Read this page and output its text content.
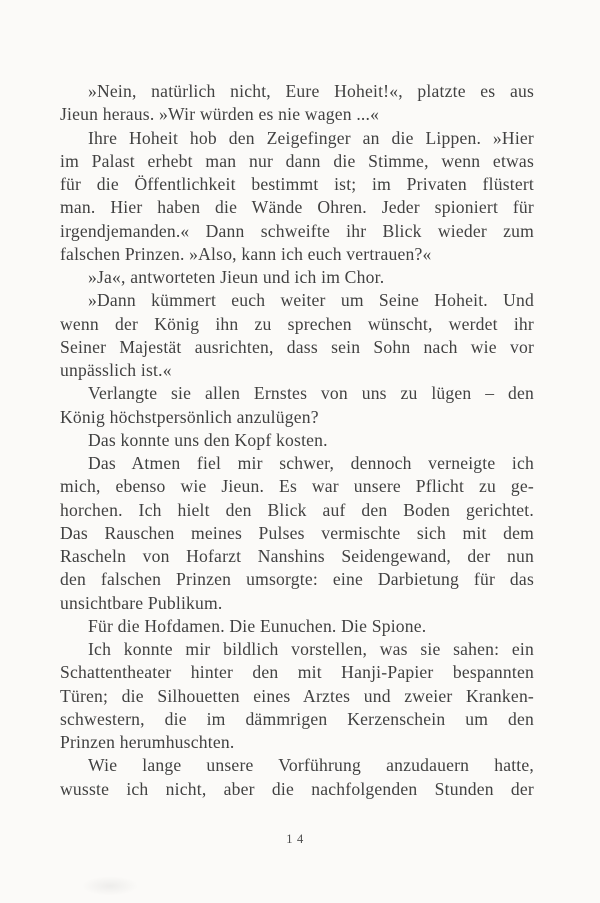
»Nein, natürlich nicht, Eure Hoheit!«, platzte es aus
Jieun heraus. »Wir würden es nie wagen ...«
Ihre Hoheit hob den Zeigefinger an die Lippen. »Hier
im Palast erhebt man nur dann die Stimme, wenn etwas
für die Öffentlichkeit bestimmt ist; im Privaten flüstert
man. Hier haben die Wände Ohren. Jeder spioniert für
irgendjemanden.« Dann schweifte ihr Blick wieder zum
falschen Prinzen. »Also, kann ich euch vertrauen?«
»Ja«, antworteten Jieun und ich im Chor.
»Dann kümmert euch weiter um Seine Hoheit. Und
wenn der König ihn zu sprechen wünscht, werdet ihr
Seiner Majestät ausrichten, dass sein Sohn nach wie vor
unpässlich ist.«
Verlangte sie allen Ernstes von uns zu lügen – den
König höchstpersönlich anzulügen?
Das konnte uns den Kopf kosten.
Das Atmen fiel mir schwer, dennoch verneigte ich
mich, ebenso wie Jieun. Es war unsere Pflicht zu ge-
horchen. Ich hielt den Blick auf den Boden gerichtet.
Das Rauschen meines Pulses vermischte sich mit dem
Rascheln von Hofarzt Nanshins Seidengewand, der nun
den falschen Prinzen umsorgte: eine Darbietung für das
unsichtbare Publikum.
Für die Hofdamen. Die Eunuchen. Die Spione.
Ich konnte mir bildlich vorstellen, was sie sahen: ein
Schattentheater hinter den mit Hanji-Papier bespannten
Türen; die Silhouetten eines Arztes und zweier Kranken-
schwestern, die im dämmrigen Kerzenschein um den
Prinzen herumhuschten.
Wie lange unsere Vorführung anzudauern hatte,
wusste ich nicht, aber die nachfolgenden Stunden der
14
